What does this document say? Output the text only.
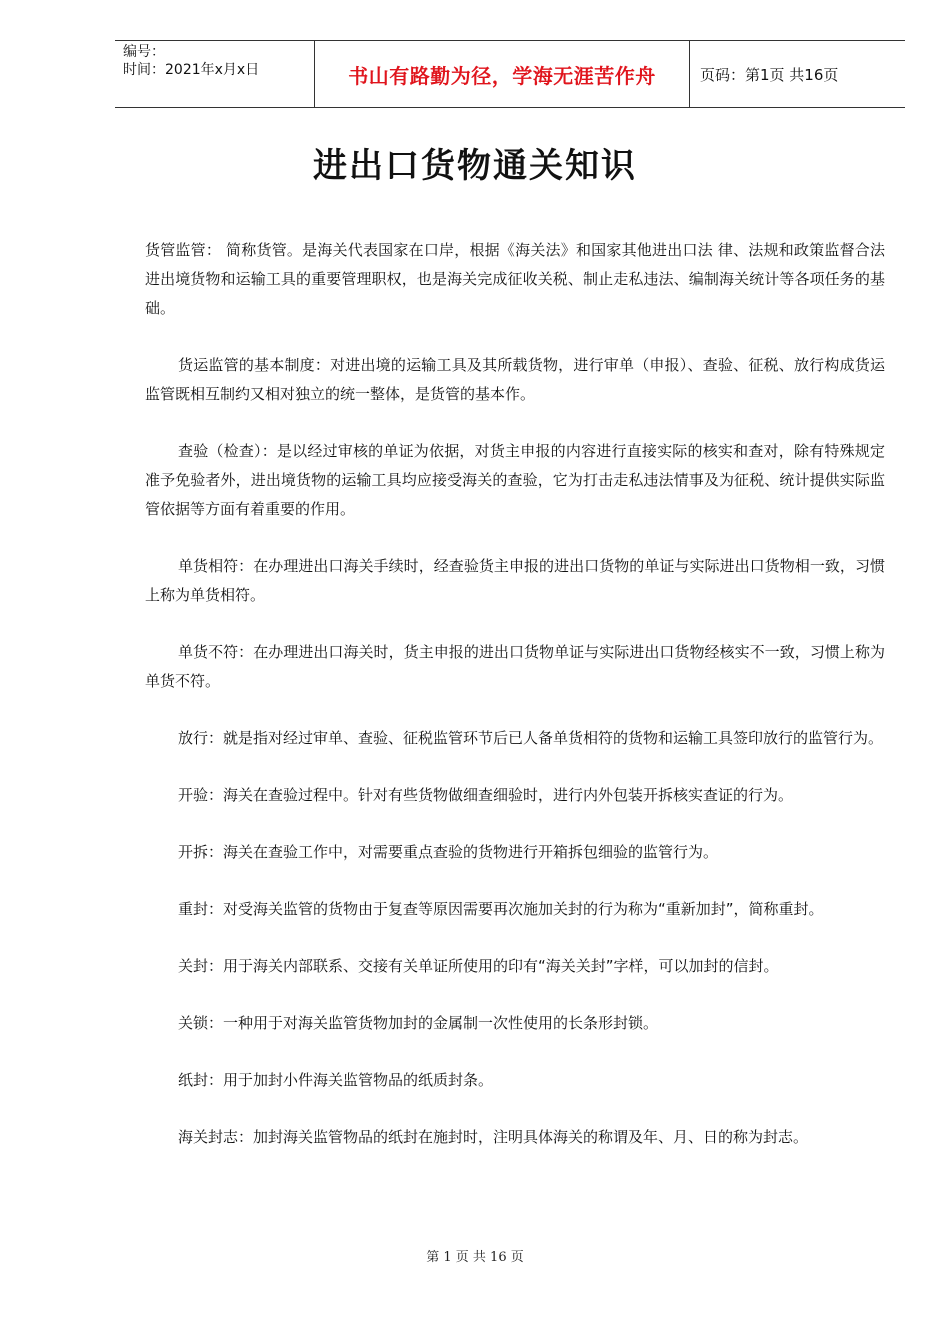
编号：
时间：2021年x月x日	书山有路勤为径，学海无涯苦作舟	页码：第1页 共16页
进出口货物通关知识

货管监管： 简称货管。是海关代表国家在口岸，根据《海关法》和国家其他进出口法 律、法规和政策监督合法进出境货物和运输工具的重要管理职权，也是海关完成征收关税、制止走私违法、编制海关统计等各项任务的基础。

货运监管的基本制度：对进出境的运输工具及其所载货物，进行审单（申报）、查验、征税、放行构成货运监管既相互制约又相对独立的统一整体，是货管的基本作。

查验（检查）：是以经过审核的单证为依据，对货主申报的内容进行直接实际的核实和查对，除有特殊规定准予免验者外，进出境货物的运输工具均应接受海关的查验，它为打击走私违法情事及为征税、统计提供实际监管依据等方面有着重要的作用。

单货相符：在办理进出口海关手续时，经查验货主申报的进出口货物的单证与实际进出口货物相一致，习惯上称为单货相符。

单货不符：在办理进出口海关时，货主申报的进出口货物单证与实际进出口货物经核实不一致，习惯上称为单货不符。

放行：就是指对经过审单、查验、征税监管环节后已人备单货相符的货物和运输工具签印放行的监管行为。

开验：海关在查验过程中。针对有些货物做细查细验时，进行内外包装开拆核实查证的行为。

开拆：海关在查验工作中，对需要重点查验的货物进行开箱拆包细验的监管行为。

重封：对受海关监管的货物由于复查等原因需要再次施加关封的行为称为“重新加封”，简称重封。

关封：用于海关内部联系、交接有关单证所使用的印有“海关关封”字样，可以加封的信封。

关锁：一种用于对海关监管货物加封的金属制一次性使用的长条形封锁。

纸封：用于加封小件海关监管物品的纸质封条。

海关封志：加封海关监管物品的纸封在施封时，注明具体海关的称谓及年、月、日的称为封志。

第 1 页 共 16 页
